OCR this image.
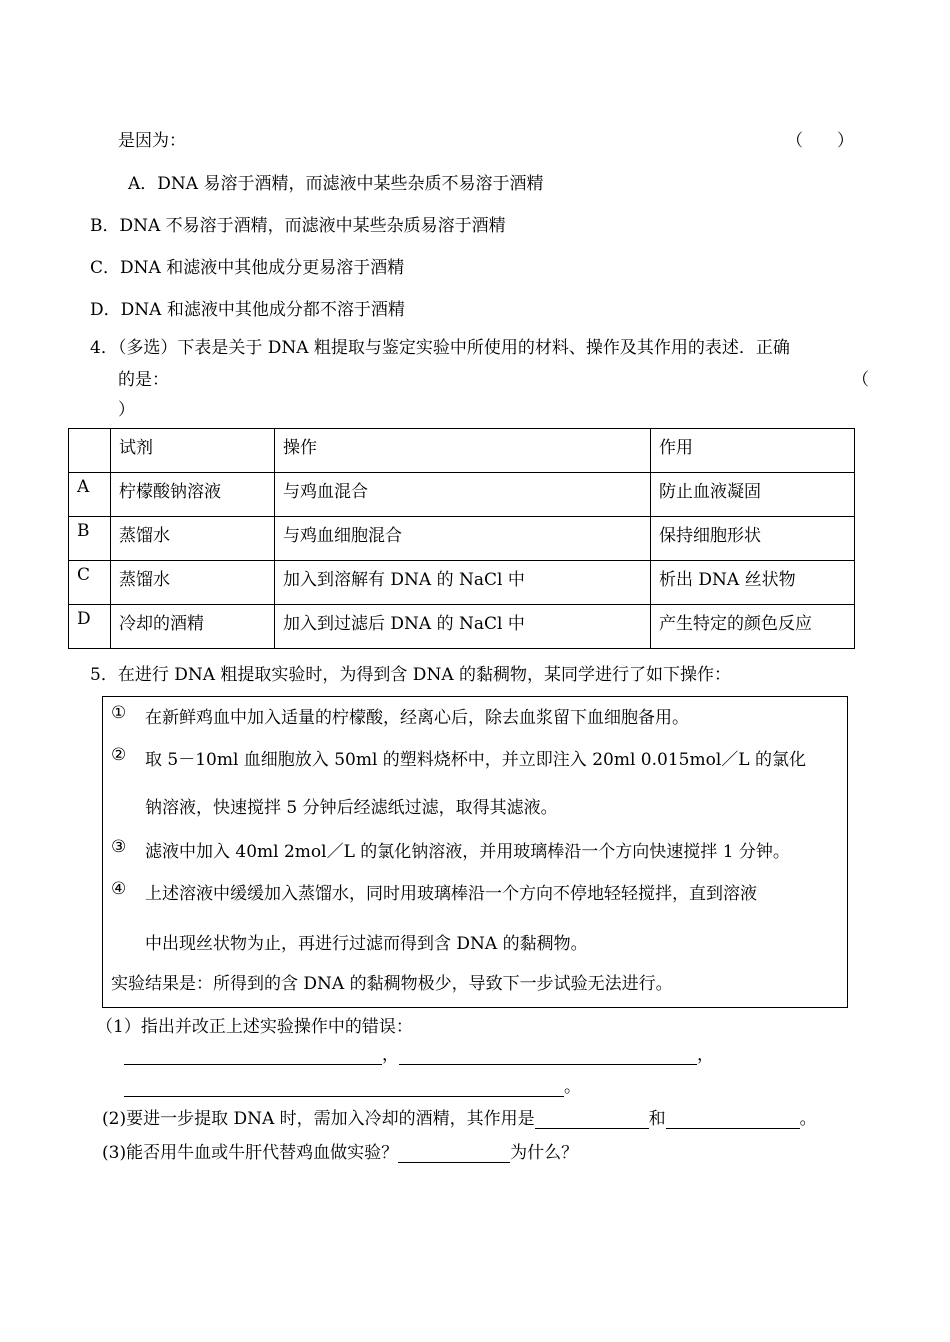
是因为：	（　　）
A．DNA 易溶于酒精，而滤液中某些杂质不易溶于酒精
B．DNA 不易溶于酒精，而滤液中某些杂质易溶于酒精
C．DNA 和滤液中其他成分更易溶于酒精
D．DNA 和滤液中其他成分都不溶于酒精
4．（多选）下表是关于 DNA 粗提取与鉴定实验中所使用的材料、操作及其作用的表述．正确
的是：	（
）
	试剂	操作	作用
A	柠檬酸钠溶液	与鸡血混合	防止血液凝固
B	蒸馏水	与鸡血细胞混合	保持细胞形状
C	蒸馏水	加入到溶解有 DNA 的 NaCl 中	析出 DNA 丝状物
D	冷却的酒精	加入到过滤后 DNA 的 NaCl 中	产生特定的颜色反应
5．在进行 DNA 粗提取实验时，为得到含 DNA 的黏稠物，某同学进行了如下操作：
① 在新鲜鸡血中加入适量的柠檬酸，经离心后，除去血浆留下血细胞备用。
② 取 5－10ml 血细胞放入 50ml 的塑料烧杯中，并立即注入 20ml 0.015mol／L 的氯化
钠溶液，快速搅拌 5 分钟后经滤纸过滤，取得其滤液。
③ 滤液中加入 40ml 2mol／L 的氯化钠溶液，并用玻璃棒沿一个方向快速搅拌 1 分钟。
④ 上述溶液中缓缓加入蒸馏水，同时用玻璃棒沿一个方向不停地轻轻搅拌，直到溶液
中出现丝状物为止，再进行过滤而得到含 DNA 的黏稠物。
实验结果是：所得到的含 DNA 的黏稠物极少，导致下一步试验无法进行。
（1）指出并改正上述实验操作中的错误：
，	，
。
(2)要进一步提取 DNA 时，需加入冷却的酒精，其作用是	和	。
(3)能否用牛血或牛肝代替鸡血做实验？	为什么？
